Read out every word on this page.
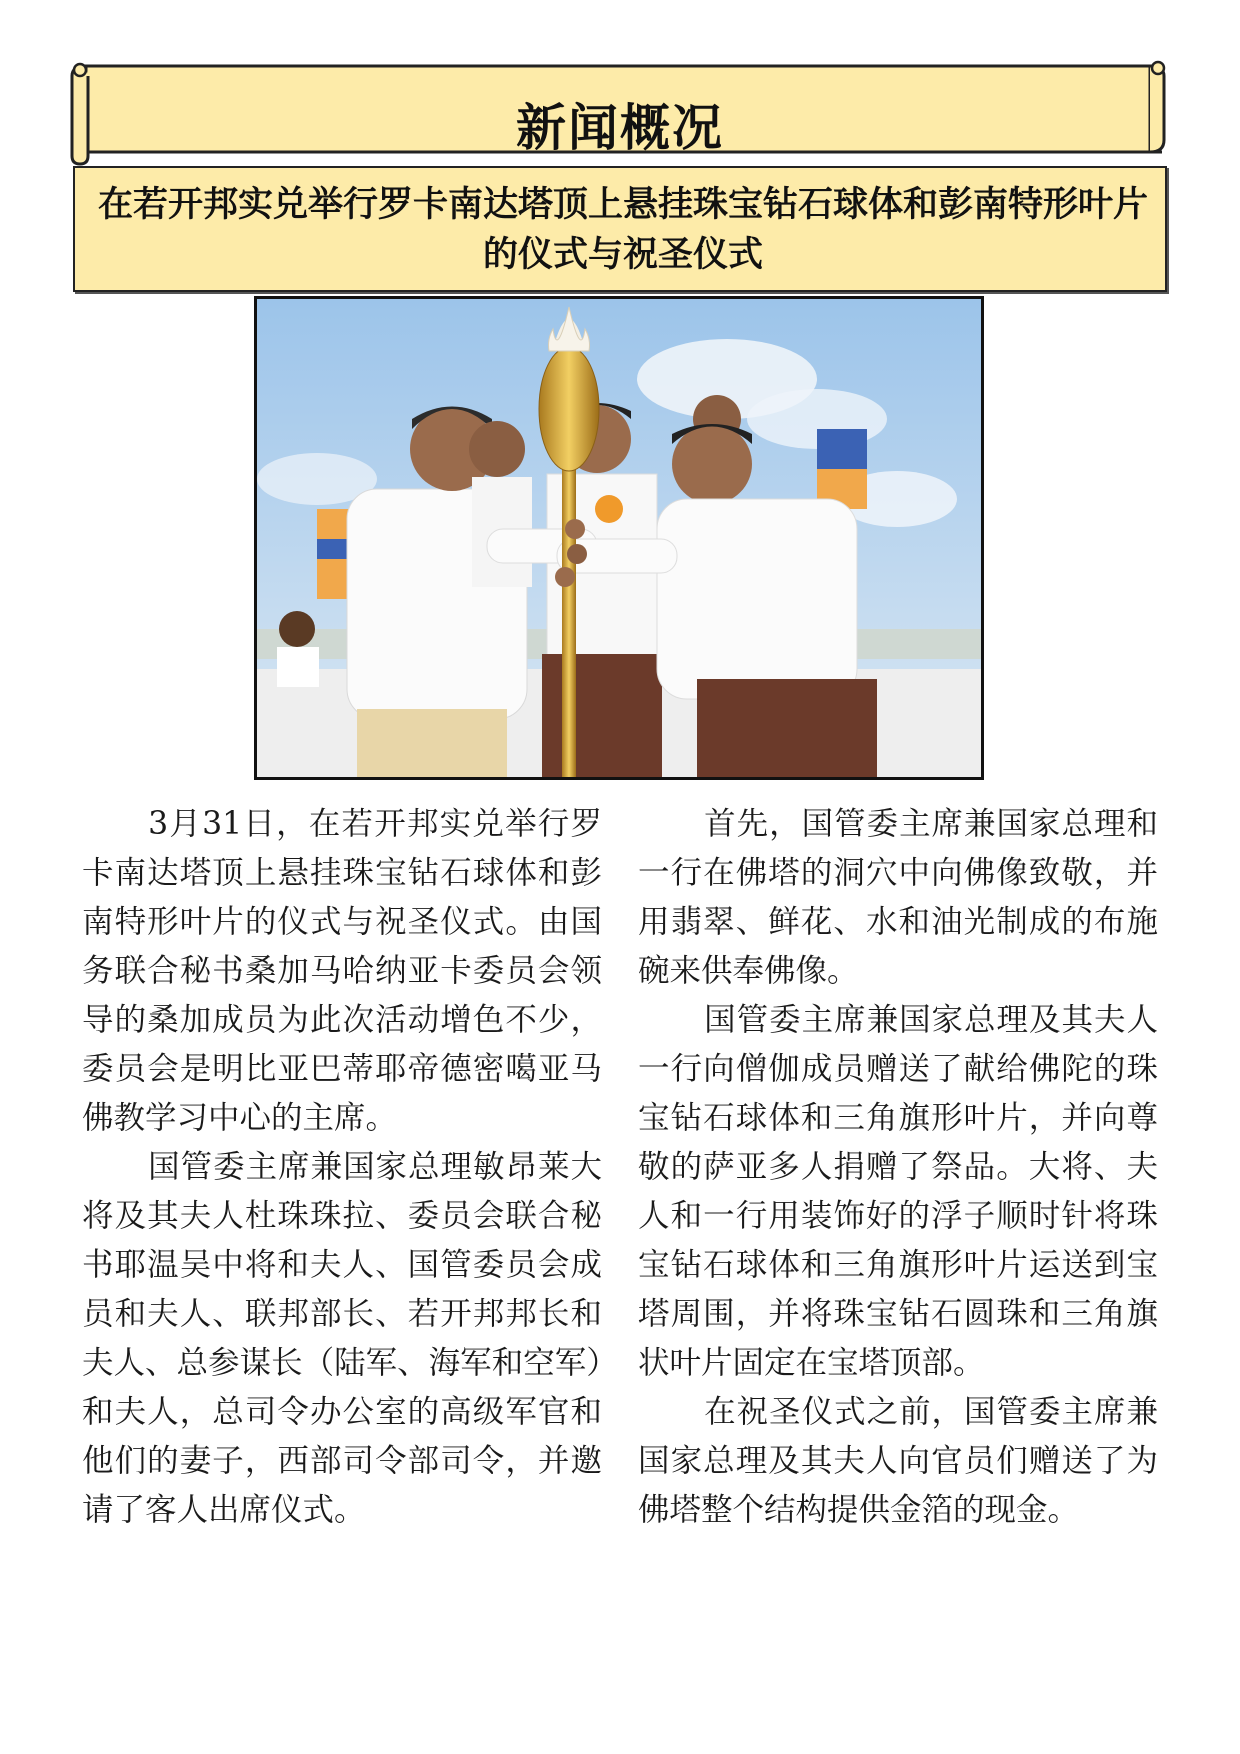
新闻概况
在若开邦实兑举行罗卡南达塔顶上悬挂珠宝钻石球体和彭南特形叶片的仪式与祝圣仪式

3月31日，在若开邦实兑举行罗卡南达塔顶上悬挂珠宝钻石球体和彭南特形叶片的仪式与祝圣仪式。由国务联合秘书桑加马哈纳亚卡委员会领导的桑加成员为此次活动增色不少，委员会是明比亚巴蒂耶帝德密噶亚马佛教学习中心的主席。

国管委主席兼国家总理敏昂莱大将及其夫人杜珠珠拉、委员会联合秘书耶温吴中将和夫人、国管委员会成员和夫人、联邦部长、若开邦邦长和夫人、总参谋长（陆军、海军和空军）和夫人，总司令办公室的高级军官和他们的妻子，西部司令部司令，并邀请了客人出席仪式。

首先，国管委主席兼国家总理和一行在佛塔的洞穴中向佛像致敬，并用翡翠、鲜花、水和油光制成的布施碗来供奉佛像。

国管委主席兼国家总理及其夫人一行向僧伽成员赠送了献给佛陀的珠宝钻石球体和三角旗形叶片，并向尊敬的萨亚多人捐赠了祭品。大将、夫人和一行用装饰好的浮子顺时针将珠宝钻石球体和三角旗形叶片运送到宝塔周围，并将珠宝钻石圆珠和三角旗状叶片固定在宝塔顶部。

在祝圣仪式之前，国管委主席兼国家总理及其夫人向官员们赠送了为佛塔整个结构提供金箔的现金。
